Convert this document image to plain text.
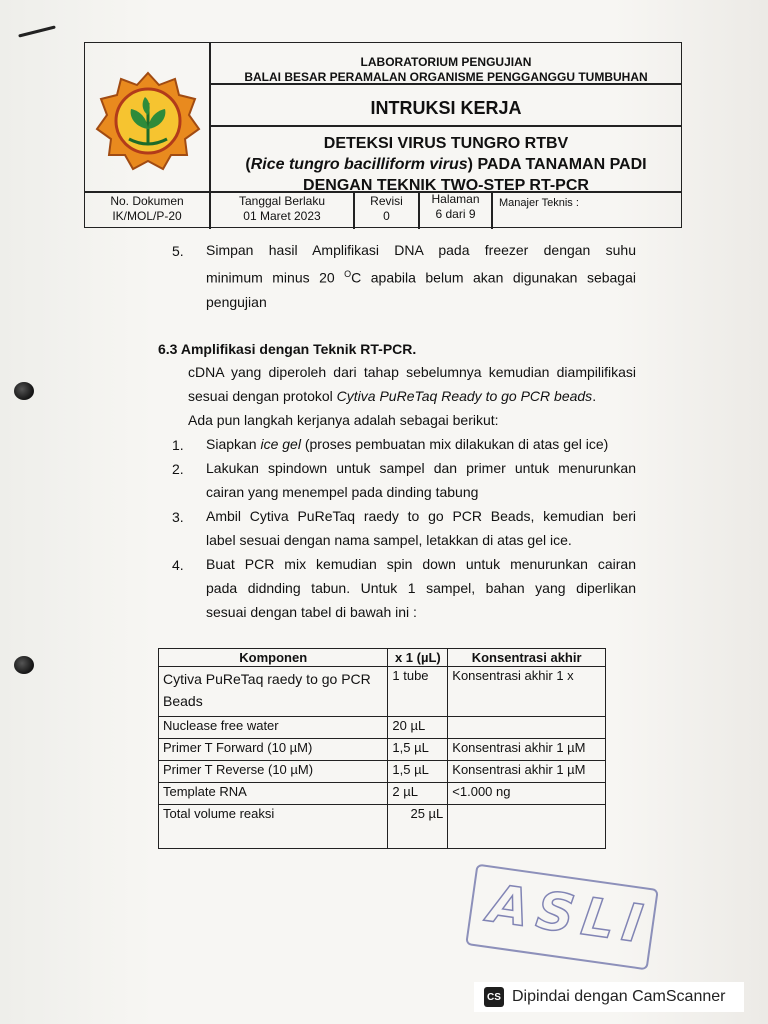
LABORATORIUM PENGUJIAN
BALAI BESAR PERAMALAN ORGANISME PENGGANGGU TUMBUHAN
INTRUKSI KERJA
DETEKSI VIRUS TUNGRO RTBV
(Rice tungro bacilliform virus) PADA TANAMAN PADI
DENGAN TEKNIK TWO-STEP RT-PCR
No. Dokumen
IK/MOL/P-20
Tanggal Berlaku
01 Maret 2023
Revisi
0
Halaman
6 dari 9
Manajer Teknis :
5. Simpan hasil Amplifikasi DNA pada freezer dengan suhu
minimum minus 20 $^O$C apabila belum akan digunakan sebagai
pengujian
6.3 Amplifikasi dengan Teknik RT-PCR.
cDNA yang diperoleh dari tahap sebelumnya kemudian diampilifikasi
sesuai dengan protokol Cytiva PuReTaq Ready to go PCR beads.
Ada pun langkah kerjanya adalah sebagai berikut:
1. Siapkan ice gel (proses pembuatan mix dilakukan di atas gel ice)
2. Lakukan spindown untuk sampel dan primer untuk menurunkan
cairan yang menempel pada dinding tabung
3. Ambil Cytiva PuReTaq raedy to go PCR Beads, kemudian beri
label sesuai dengan nama sampel, letakkan di atas gel ice.
4. Buat PCR mix kemudian spin down untuk menurunkan cairan
pada didnding tabun. Untuk 1 sampel, bahan yang diperlikan
sesuai dengan tabel di bawah ini :
Komponen	x 1 (µL)	Konsentrasi akhir
Cytiva PuReTaq raedy to go PCR Beads	1 tube	Konsentrasi akhir 1 x
Nuclease free water	20 µL	
Primer T Forward (10 µM)	1,5 µL	Konsentrasi akhir 1 µM
Primer T Reverse (10 µM)	1,5 µL	Konsentrasi akhir 1 µM
Template RNA	2 µL	<1.000 ng
Total volume reaksi	25 µL	
ASLI
CS Dipindai dengan CamScanner
